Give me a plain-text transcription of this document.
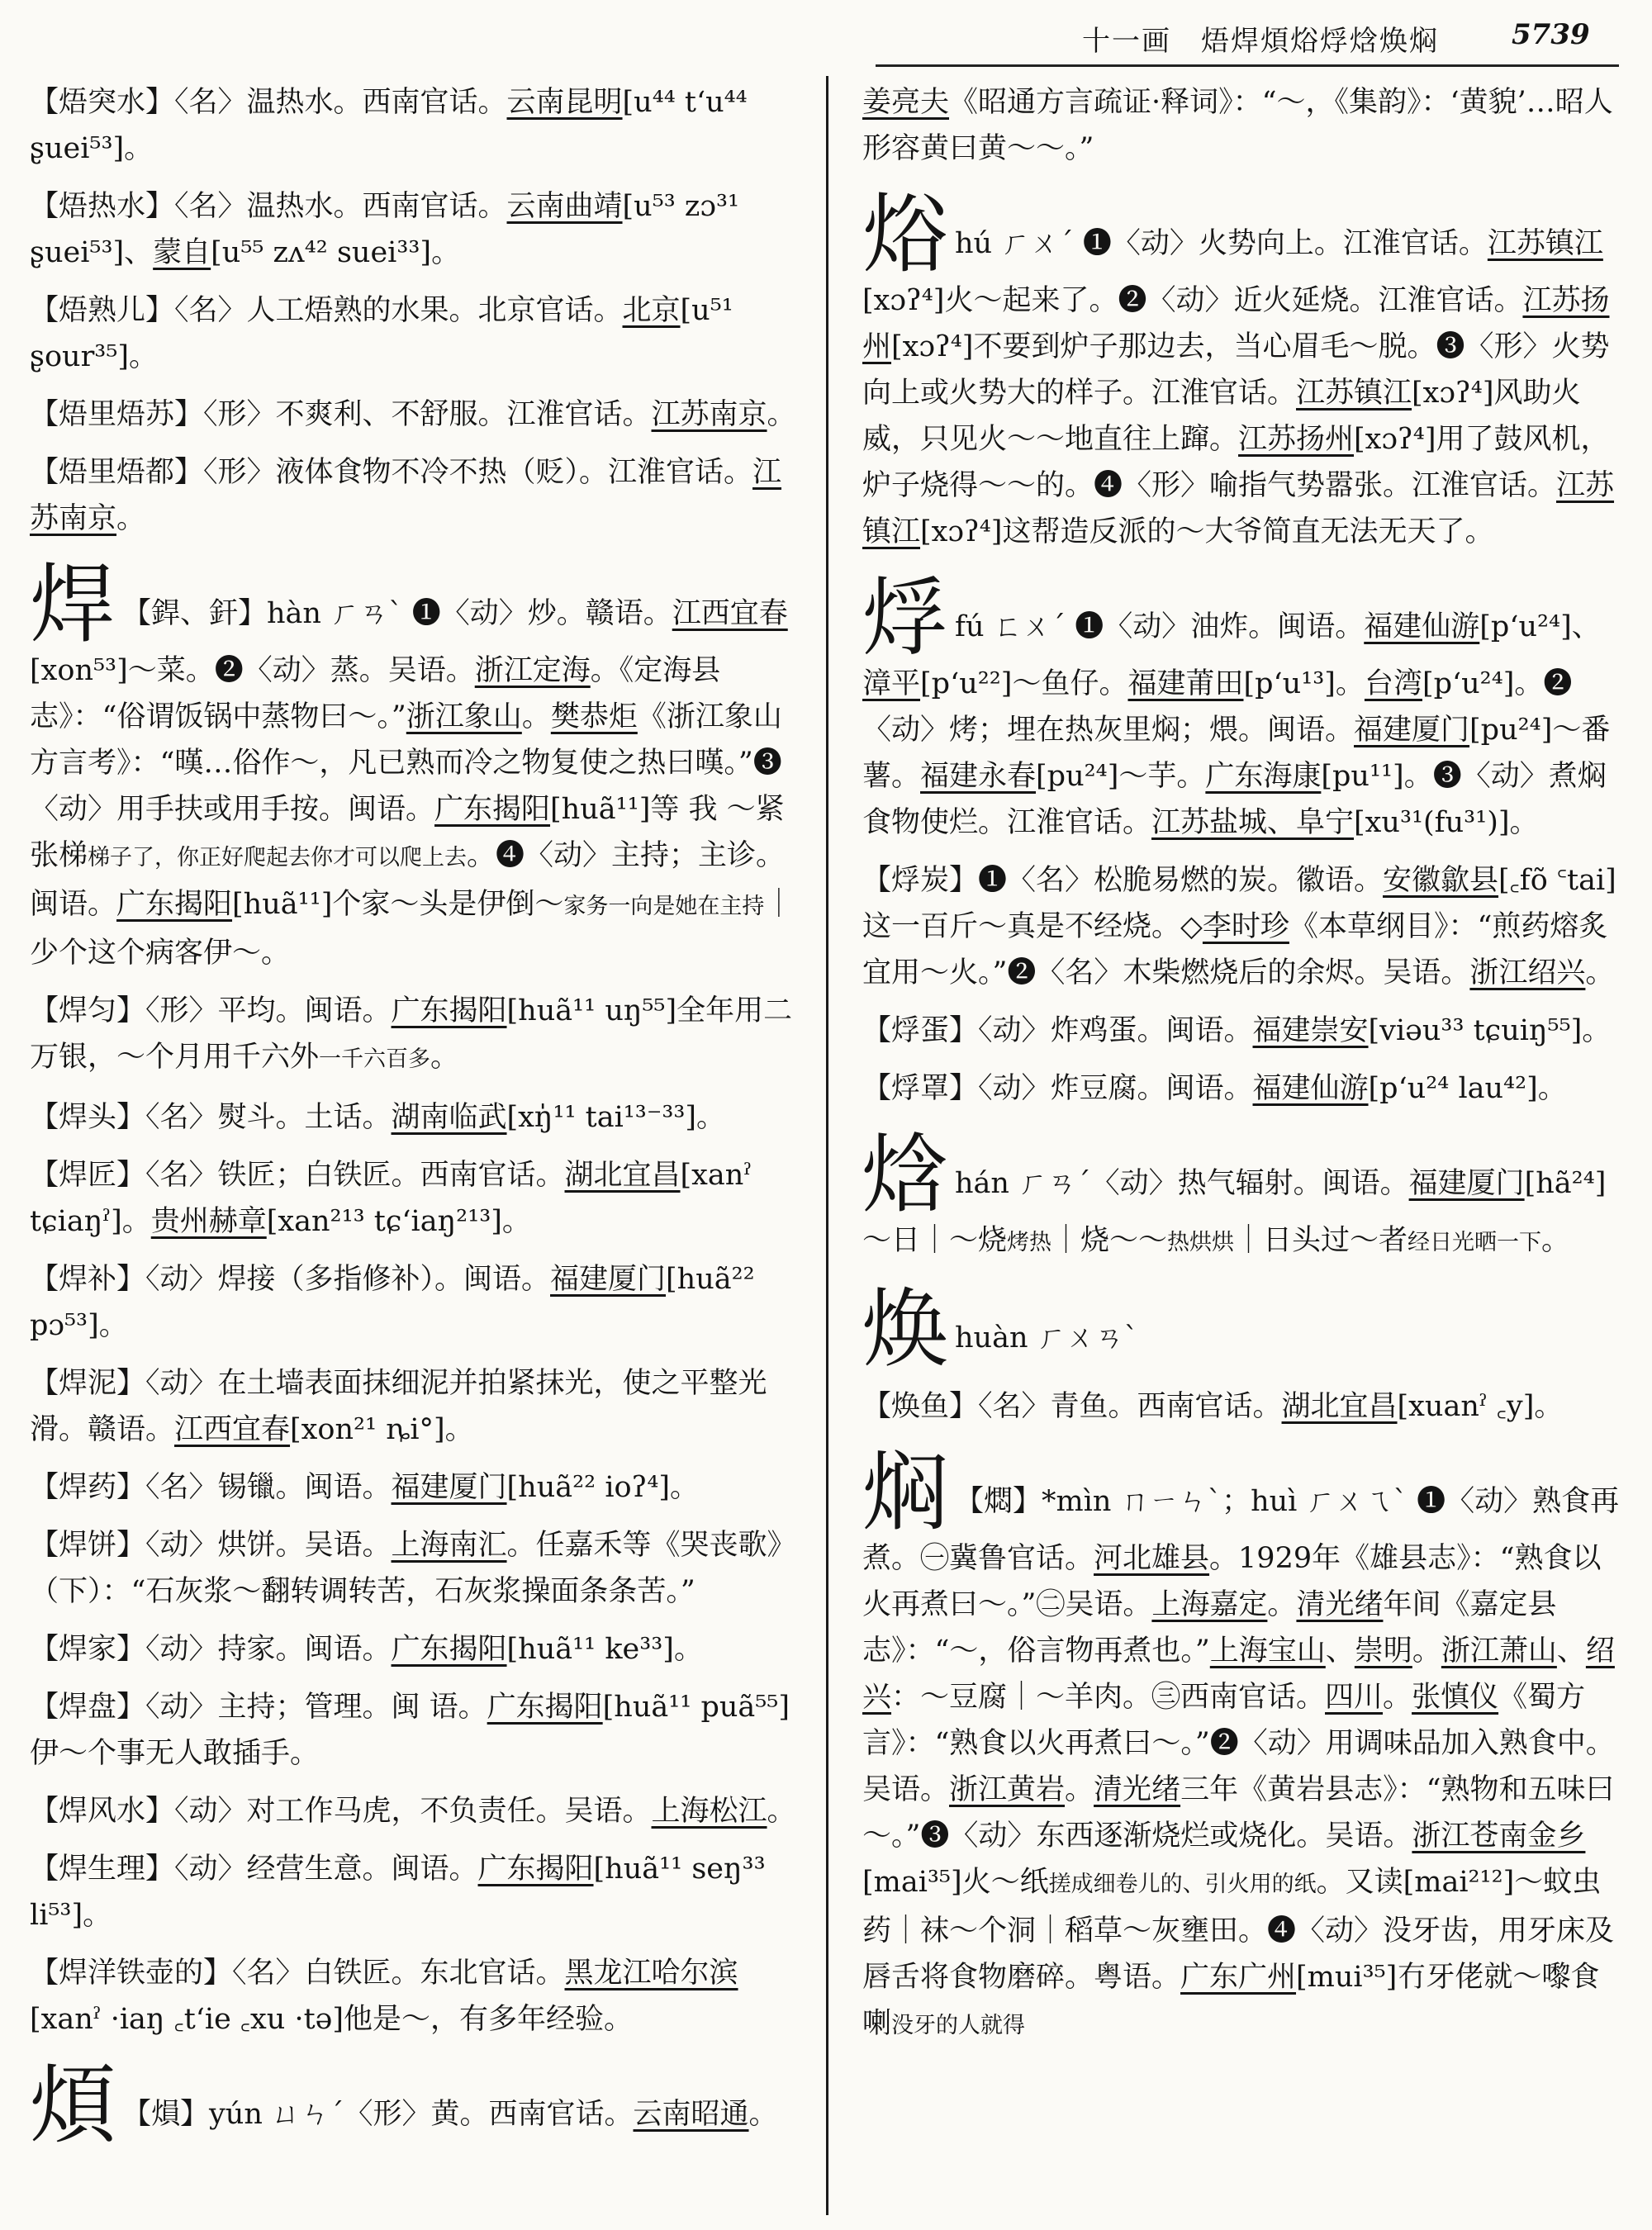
十一画　焐焊煩焀烰焓焕焖	5739
【焐突水】〈名〉温热水。西南官话。云南昆明[u⁴⁴ tʻu⁴⁴ ʂuei⁵³]。
【焐热水】〈名〉温热水。西南官话。云南曲靖[u⁵³ zɔ³¹ ʂuei⁵³]、蒙自[u⁵⁵ zʌ⁴² suei³³]。
【焐熟儿】〈名〉人工焐熟的水果。北京官话。北京[u⁵¹ ʂour³⁵]。
【焐里焐苏】〈形〉不爽利、不舒服。江淮官话。江苏南京。
【焐里焐都】〈形〉液体食物不冷不热（贬）。江淮官话。江苏南京。
焊 【銲、釬】hàn ㄏㄢˋ ❶〈动〉炒。赣语。江西宜春[xon⁵³]～菜。❷〈动〉蒸。吴语。浙江定海。《定海县志》：“俗谓饭锅中蒸物曰～。”浙江象山。樊恭炬《浙江象山方言考》：“暵…俗作～，凡已熟而冷之物复使之热曰暵。”❸〈动〉用手扶或用手按。闽语。广东揭阳[huã¹¹]等 我 ～紧张梯梯子了，你正好爬起去你才可以爬上去。❹〈动〉主持；主诊。闽语。广东揭阳[huã¹¹]个家～头是伊倒～家务一向是她在主持｜少个这个病客伊～。
【焊匀】〈形〉平均。闽语。广东揭阳[huã¹¹ uŋ⁵⁵]全年用二万银，～个月用千六外一千六百多。
【焊头】〈名〉熨斗。土话。湖南临武[xŋ̍¹¹ tai¹³⁻³³]。
【焊匠】〈名〉铁匠；白铁匠。西南官话。湖北宜昌[xanˀ tɕiaŋˀ]。贵州赫章[xan²¹³ tɕʻiaŋ²¹³]。
【焊补】〈动〉焊接（多指修补）。闽语。福建厦门[huã²² pɔ⁵³]。
【焊泥】〈动〉在土墙表面抹细泥并拍紧抹光，使之平整光滑。赣语。江西宜春[xon²¹ ȵi°]。
【焊药】〈名〉锡镴。闽语。福建厦门[huã²² ioʔ⁴]。
【焊饼】〈动〉烘饼。吴语。上海南汇。任嘉禾等《哭丧歌》（下）：“石灰浆～翻转调转苦，石灰浆操面条条苦。”
【焊家】〈动〉持家。闽语。广东揭阳[huã¹¹ ke³³]。
【焊盘】〈动〉主持；管理。闽 语。广东揭阳[huã¹¹ puã⁵⁵]伊～个事无人敢插手。
【焊风水】〈动〉对工作马虎，不负责任。吴语。上海松江。
【焊生理】〈动〉经营生意。闽语。广东揭阳[huã¹¹ seŋ³³ li⁵³]。
【焊洋铁壶的】〈名〉白铁匠。东北官话。黑龙江哈尔滨[xanˀ ·iaŋ ꜀tʻie ꜀xu ·tə]他是～，有多年经验。
煩 【熉】yún ㄩㄣˊ〈形〉黄。西南官话。云南昭通。
姜亮夫《昭通方言疏证·释词》：“～，《集韵》：‘黄貌’…昭人形容黄曰黄～～。”
焀hú ㄏㄨˊ ❶〈动〉火势向上。江淮官话。江苏镇江[xɔʔ⁴]火～起来了。❷〈动〉近火延烧。江淮官话。江苏扬州[xɔʔ⁴]不要到炉子那边去，当心眉毛～脱。❸〈形〉火势向上或火势大的样子。江淮官话。江苏镇江[xɔʔ⁴]风助火威，只见火～～地直往上蹿。江苏扬州[xɔʔ⁴]用了鼓风机，炉子烧得～～的。❹〈形〉喻指气势嚣张。江淮官话。江苏镇江[xɔʔ⁴]这帮造反派的～大爷简直无法无天了。
烰fú ㄈㄨˊ ❶〈动〉油炸。闽语。福建仙游[pʻu²⁴]、漳平[pʻu²²]～鱼仔。福建莆田[pʻu¹³]。台湾[pʻu²⁴]。❷〈动〉烤；埋在热灰里焖；煨。闽语。福建厦门[pu²⁴]～番薯。福建永春[pu²⁴]～芋。广东海康[pu¹¹]。❸〈动〉煮焖食物使烂。江淮官话。江苏盐城、阜宁[xu³¹(fu³¹)]。
【烰炭】❶〈名〉松脆易燃的炭。徽语。安徽歙县[꜀fõ ꜂tai]这一百斤～真是不经烧。◇李时珍《本草纲目》：“煎药熔炙宜用～火。”❷〈名〉木柴燃烧后的余烬。吴语。浙江绍兴。
【烰蛋】〈动〉炸鸡蛋。闽语。福建崇安[viəu³³ tɕuiŋ⁵⁵]。
【烰罩】〈动〉炸豆腐。闽语。福建仙游[pʻu²⁴ lau⁴²]。
焓hán ㄏㄢˊ〈动〉热气辐射。闽语。福建厦门[hã²⁴]～日｜～烧烤热｜烧～～热烘烘｜日头过～者经日光晒一下。
焕huàn ㄏㄨㄢˋ
【焕鱼】〈名〉青鱼。西南官话。湖北宜昌[xuanˀ ꜀y]。
焖 【燜】*mìn ㄇㄧㄣˋ；huì ㄏㄨㄟˋ ❶〈动〉熟食再煮。㊀冀鲁官话。河北雄县。1929年《雄县志》：“熟食以火再煮曰～。”㊁吴语。上海嘉定。清光绪年间《嘉定县志》：“～，俗言物再煮也。”上海宝山、崇明。浙江萧山、绍兴：～豆腐｜～羊肉。㊂西南官话。四川。张慎仪《蜀方言》：“熟食以火再煮曰～。”❷〈动〉用调味品加入熟食中。吴语。浙江黄岩。清光绪三年《黄岩县志》：“熟物和五味曰～。”❸〈动〉东西逐渐烧烂或烧化。吴语。浙江苍南金乡[mai³⁵]火～纸搓成细卷儿的、引火用的纸。又读[mai²¹²]～蚊虫药｜袜～个洞｜稻草～灰壅田。❹〈动〉没牙齿，用牙床及唇舌将食物磨碎。粤语。广东广州[mui³⁵]冇牙佬就～嚟食喇没牙的人就得
